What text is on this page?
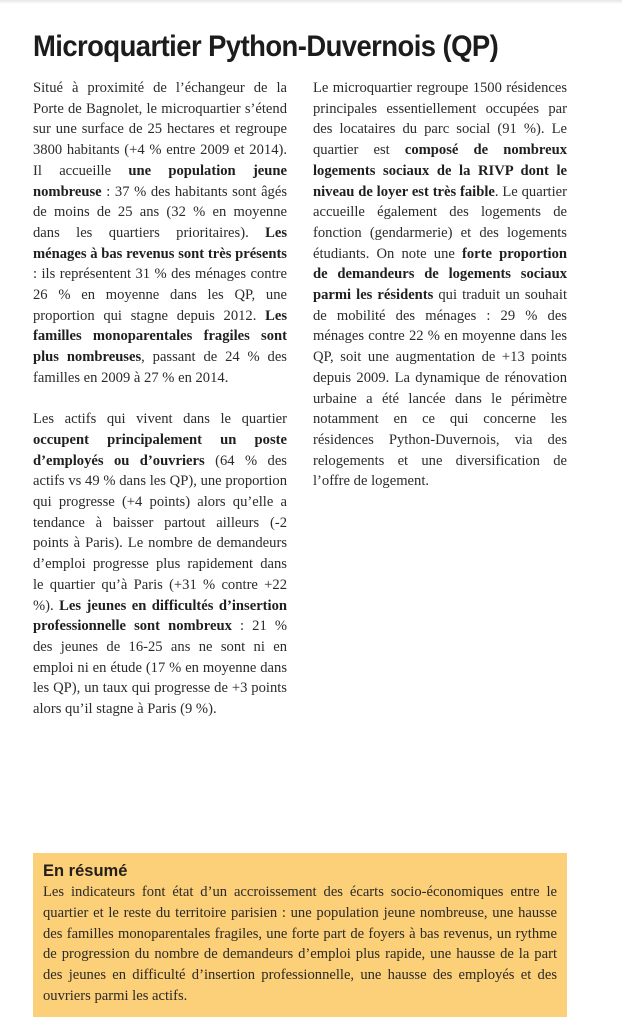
Microquartier Python-Duvernois (QP)

Situé à proximité de l’échangeur de la Porte de Bagnolet, le microquartier s’étend sur une surface de 25 hectares et regroupe 3800 habitants (+4 % entre 2009 et 2014). Il accueille une population jeune nombreuse : 37 % des habitants sont âgés de moins de 25 ans (32 % en moyenne dans les quartiers prioritaires). Les ménages à bas revenus sont très présents : ils représentent 31 % des ménages contre 26 % en moyenne dans les QP, une proportion qui stagne depuis 2012. Les familles monoparentales fragiles sont plus nombreuses, passant de 24 % des familles en 2009 à 27 % en 2014.

Les actifs qui vivent dans le quartier occupent principalement un poste d’employés ou d’ouvriers (64 % des actifs vs 49 % dans les QP), une proportion qui progresse (+4 points) alors qu’elle a tendance à baisser partout ailleurs (-2 points à Paris). Le nombre de demandeurs d’emploi progresse plus rapidement dans le quartier qu’à Paris (+31 % contre +22 %). Les jeunes en difficultés d’insertion professionnelle sont nombreux : 21 % des jeunes de 16-25 ans ne sont ni en emploi ni en étude (17 % en moyenne dans les QP), un taux qui progresse de +3 points alors qu’il stagne à Paris (9 %).

Le microquartier regroupe 1500 résidences principales essentiellement occupées par des locataires du parc social (91 %). Le quartier est composé de nombreux logements sociaux de la RIVP dont le niveau de loyer est très faible. Le quartier accueille également des logements de fonction (gendarmerie) et des logements étudiants. On note une forte proportion de demandeurs de logements sociaux parmi les résidents qui traduit un souhait de mobilité des ménages : 29 % des ménages contre 22 % en moyenne dans les QP, soit une augmentation de +13 points depuis 2009. La dynamique de rénovation urbaine a été lancée dans le périmètre notamment en ce qui concerne les résidences Python-Duvernois, via des relogements et une diversification de l’offre de logement.

En résumé
Les indicateurs font état d’un accroissement des écarts socio-économiques entre le quartier et le reste du territoire parisien : une population jeune nombreuse, une hausse des familles monoparentales fragiles, une forte part de foyers à bas revenus, un rythme de progression du nombre de demandeurs d’emploi plus rapide, une hausse de la part des jeunes en difficulté d’insertion professionnelle, une hausse des employés et des ouvriers parmi les actifs.
